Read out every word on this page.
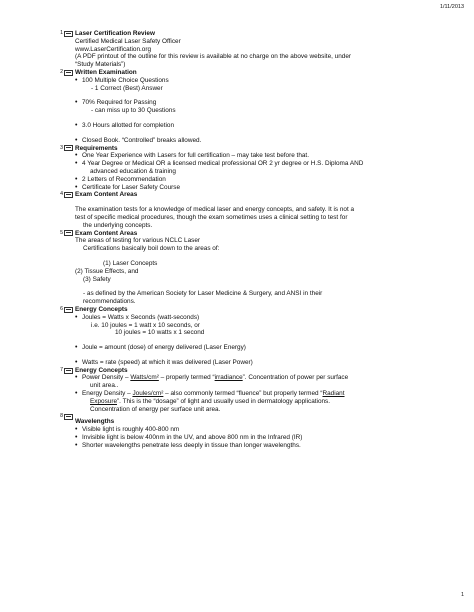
1/11/2013
1 Laser Certification Review
Certified Medical Laser Safety Officer
www.LaserCertification.org
(A PDF printout of the outline for this review is available at no charge on the above website, under
“Study Materials”)
2 Written Examination
• 100 Multiple Choice Questions
- 1 Correct (Best) Answer
• 70% Required for Passing
- can miss up to 30 Questions
• 3.0 Hours allotted for completion
• Closed Book. “Controlled” breaks allowed.
3 Requirements
• One Year Experience with Lasers for full certification – may take test before that.
• 4 Year Degree or Medical OR a licensed medical professional OR 2 yr degree or H.S. Diploma AND
advanced education & training
• 2 Letters of Recommendation
• Certificate for Laser Safety Course
4 Exam Content Areas
The examination tests for a knowledge of medical laser and energy concepts, and safety. It is not a
test of specific medical procedures, though the exam sometimes uses a clinical setting to test for
the underlying concepts.
5 Exam Content Areas
The areas of testing for various NCLC Laser
Certifications basically boil down to the areas of:
(1) Laser Concepts
(2) Tissue Effects, and
(3) Safety
- as defined by the American Society for Laser Medicine & Surgery, and ANSI in their
recommendations.
6 Energy Concepts
• Joules = Watts x Seconds (watt-seconds)
i.e. 10 joules = 1 watt x 10 seconds, or
10 joules = 10 watts x 1 second
• Joule = amount (dose) of energy delivered (Laser Energy)
• Watts = rate (speed) at which it was delivered (Laser Power)
7 Energy Concepts
• Power Density – Watts/cm² – properly termed “irradiance”. Concentration of power per surface
unit area..
• Energy Density – Joules/cm² – also commonly termed “fluence” but properly termed “Radiant
Exposure”. This is the “dosage” of light and usually used in dermatology applications.
Concentration of energy per surface unit area.
8
Wavelengths
• Visible light is roughly 400-800 nm
• Invisible light is below 400nm in the UV, and above 800 nm in the Infrared (IR)
• Shorter wavelengths penetrate less deeply in tissue than longer wavelengths.
1
